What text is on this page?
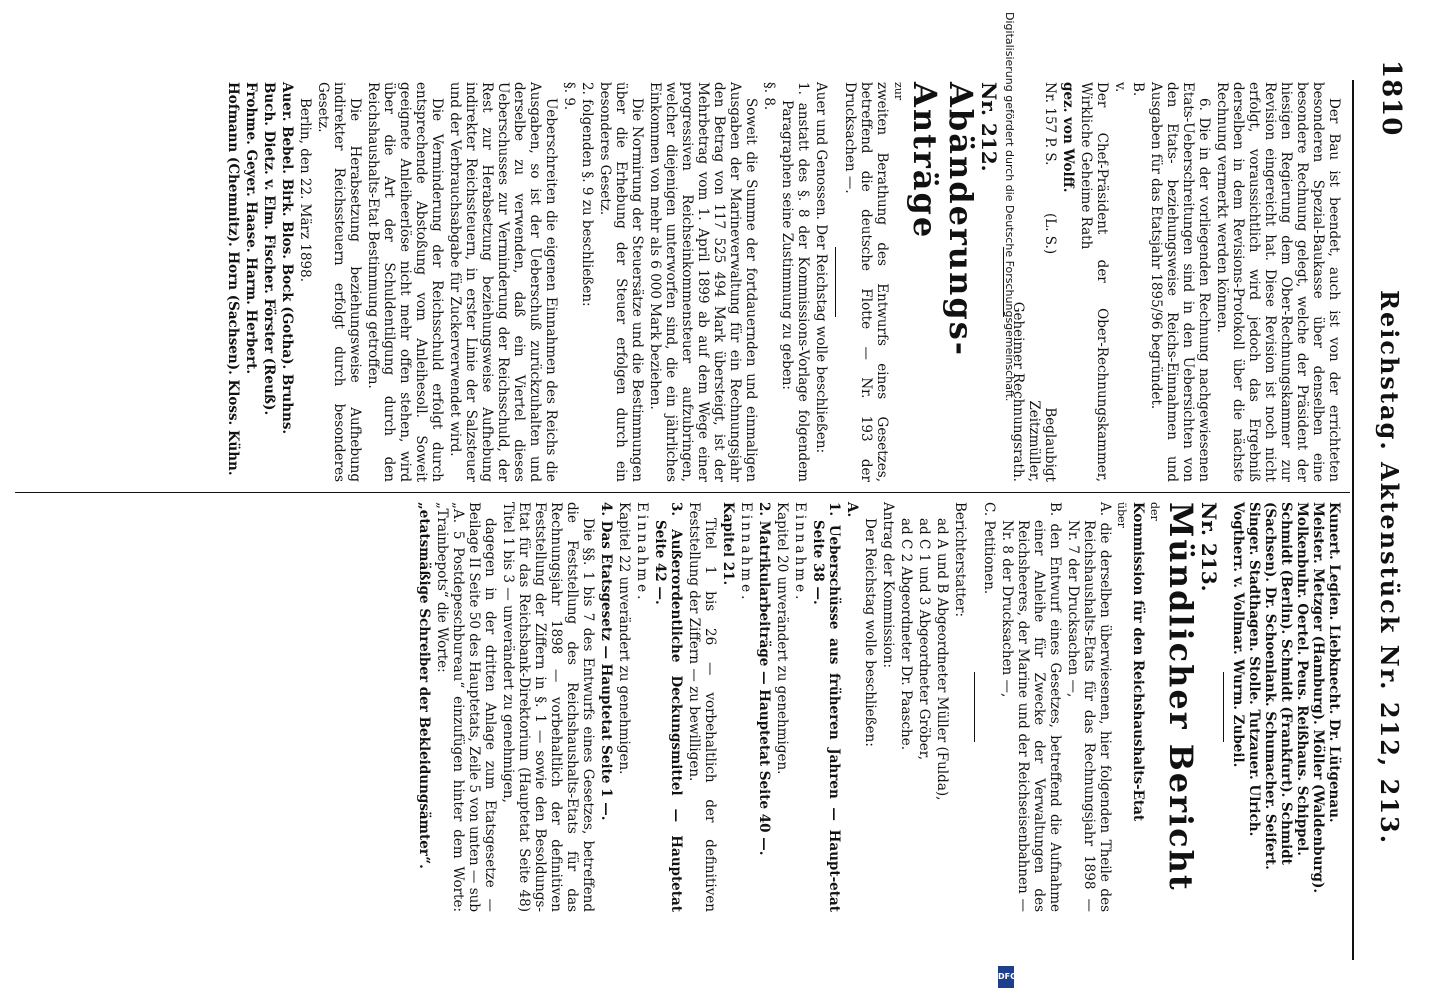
1810
Reichstag. Aktenstück Nr. 212, 213.

Der Bau ist beendet, auch ist von der errichteten besonderen Spezial-Baukasse über denselben eine besondere Rechnung gelegt, welche der Präsident der hiesigen Regierung dem Ober-Rechnungskammer zur Revision eingereicht hat. Diese Revision ist noch nicht erfolgt, voraussichtlich wird jedoch das Ergebniß derselben in dem Revisions-Protokoll über die nächste Rechnung vermerkt werden können.

6. Die in der vorliegenden Rechnung nachgewiesenen Etats-Ueberschreitungen sind in den Uebersichten von den Etats- beziehungsweise Reichs-Einnahmen und Ausgaben für das Etatsjahr 1895/96 begründet.

B.

v.

Der Chef-Präsident der Ober-Rechnungskammer, Wirkliche Geheime Rath

gez. von Wolff.

Nr. 157 P. S.
(L. S.)
Beglaubigt
Zeitzmüller,
Geheimer Rechnungsrath.

Nr. 212.

Abänderungs-Anträge

zur

zweiten Berathung des Entwurfs eines Gesetzes, betreffend die deutsche Flotte — Nr. 193 der Drucksachen —.

Auer und Genossen. Der Reichstag wolle beschließen:

1. anstatt des §. 8 der Kommissions-Vorlage folgendem Paragraphen seine Zustimmung zu geben:

§. 8.

Soweit die Summe der fortdauernden und einmaligen Ausgaben der Marineverwaltung für ein Rechnungsjahr den Betrag von 117 525 494 Mark übersteigt, ist der Mehrbetrag vom 1. April 1899 ab auf dem Wege einer progressiven Reichseinkommensteuer aufzubringen, welcher diejenigen unterworfen sind, die ein jährliches Einkommen von mehr als 6 000 Mark beziehen.

Die Normirung der Steuersätze und die Bestimmungen über die Erhebung der Steuer erfolgen durch ein besonderes Gesetz.

2. folgenden §. 9 zu beschließen:

§. 9.

Ueberschreiten die eigenen Einnahmen des Reichs die Ausgaben, so ist der Ueberschuß zurückzuhalten und derselbe zu verwenden, daß ein Viertel dieses Ueberschusses zur Verminderung der Reichsschuld, der Rest zur Herabsetzung beziehungsweise Aufhebung indirekter Reichssteuern, in erster Linie der Salzsteuer und der Verbrauchsabgabe für Zuckerverwendet wird.

Die Verminderung der Reichsschuld erfolgt durch entsprechende Abstoßung vom Anleihesoll. Soweit geeignete Anleiheerlöse nicht mehr offen stehen, wird über die Art der Schuldentilgung durch den Reichshaushalts-Etat Bestimmung getroffen.

Die Herabsetzung beziehungsweise Aufhebung indirekter Reichssteuern erfolgt durch besonderes Gesetz.

Berlin, den 22. März 1898.

Auer. Bebel. Birk. Blos. Bock (Gotha). Bruhns.

Buch. Dietz. v. Elm. Fischer. Förster (Reuß).

Frohme. Geyer. Haase. Harm. Herbert.

Hofmann (Chemnitz). Horn (Sachsen). Kloss. Kühn.

Kunert. Legien. Liebknecht. Dr. Lütgenau.

Meister. Metzger (Hamburg). Möller (Waldenburg).

Molkenbuhr. Oertel. Peus. Reißhaus. Schippel.

Schmidt (Berlin). Schmidt (Frankfurt). Schmidt

(Sachsen). Dr. Schoenlank. Schumacher. Seifert.

Singer. Stadthagen. Stolle. Tutzauer. Ulrich.

Vogtherr. v. Vollmar. Wurm. Zubeil.

Nr. 213.

Mündlicher Bericht

der

Kommission für den Reichshaushalts-Etat

über

A. die derselben überwiesenen, hier folgenden Theile des Reichshaushalts-Etats für das Rechnungsjahr 1898 — Nr. 7 der Drucksachen —,

B. den Entwurf eines Gesetzes, betreffend die Aufnahme einer Anleihe für Zwecke der Verwaltungen des Reichsheeres, der Marine und der Reichseisenbahnen — Nr. 8 der Drucksachen —,

C. Petitionen.

Berichterstatter:

ad A und B Abgeordneter Müller (Fulda),

ad C 1 und 3 Abgeordneter Gröber,

ad C 2 Abgeordneter Dr. Paasche.

Antrag der Kommission:

Der Reichstag wolle beschließen:

A.

1. Ueberschüsse aus früheren Jahren — Haupt-etat Seite 38 —.

Einnahme.

Kapitel 20 unverändert zu genehmigen.

2. Matrikularbeiträge — Hauptetat Seite 40 —.

Einnahme.

Kapitel 21.

Titel 1 bis 26 — vorbehaltlich der definitiven Feststellung der Ziffern — zu bewilligen.

3. Außerordentliche Deckungsmittel — Hauptetat Seite 42 —.

Einnahme.

Kapitel 22 unverändert zu genehmigen.

4. Das Etatsgesetz — Hauptetat Seite 1 —.

Die §§. 1 bis 7 des Entwurfs eines Gesetzes, betreffend die Feststellung des Reichshaushalts-Etats für das Rechnungsjahr 1898 — vorbehaltlich der definitiven Feststellung der Ziffern in §. 1 — sowie den Besoldungs-Etat für das Reichsbank-Direktorium (Hauptetat Seite 48) Titel 1 bis 3 — unverändert zu genehmigen,

dagegen in der dritten Anlage zum Etatsgesetze — Beilage II Seite 50 des Hauptetats, Zeile 5 von unten — sub „A. 5 Postdepeschbureau“ einzufügen hinter dem Worte: „Trainbepots“ die Worte:

„etatsmäßige Schreiber der Bekleidungsämter“.

Digitalisierung gefördert durch die Deutsche Forschungsgemeinschaft.
DFG
